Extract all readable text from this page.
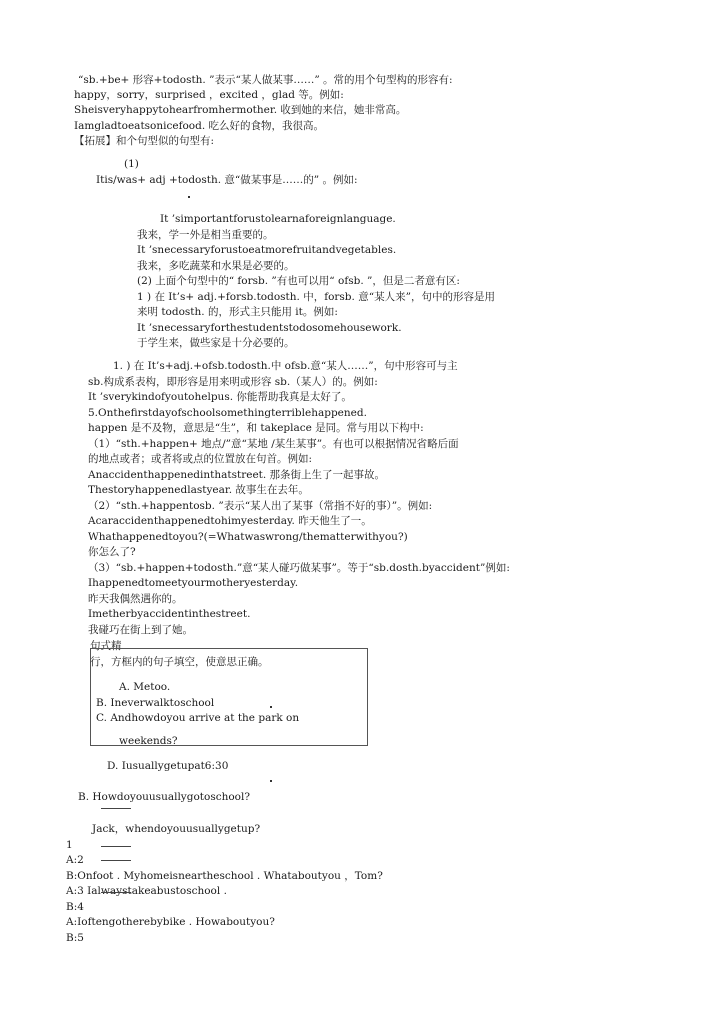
“sb.+be+ 形容+todosth. ”表示“某人做某事……” 。常的用个句型构的形容有:
happy，sorry，surprised ，excited ，glad 等。例如:
Sheisveryhappytohearfromhermother. 收到她的来信，她非常高。
Iamgladtoeatsonicefood. 吃么好的食物，我很高。
【拓展】和个句型似的句型有:
(1)
Itis/was+ adj +todosth. 意“做某事是……的” 。例如:
It ’simportantforustolearnaforeignlanguage.
我来，学一外是相当重要的。
It ’snecessaryforustoeatmorefruitandvegetables.
我来，多吃蔬菜和水果是必要的。
(2) 上面个句型中的“ forsb. ”有也可以用“ ofsb. ”，但是二者意有区:
1 ) 在 It’s+ adj.+forsb.todosth. 中，forsb. 意“某人来”，句中的形容是用
来明 todosth. 的，形式主只能用 it。例如:
It ’snecessaryforthestudentstodosomehousework.
于学生来，做些家是十分必要的。
1. ) 在 It’s+adj.+ofsb.todosth.中 ofsb.意“某人……”，句中形容可与主
sb.构成系表构，即形容是用来明或形容 sb.（某人）的。例如:
It ’sverykindofyoutohelpus. 你能帮助我真是太好了。
5.Onthefirstdayofschoolsomethingterriblehappened.
happen 是不及物，意思是“生”，和 takeplace 是同。常与用以下构中:
（1）“sth.+happen+ 地点/”意“某地 /某生某事”。有也可以根据情况省略后面
的地点或者；或者将或点的位置放在句首。例如:
Anaccidenthappenedinthatstreet. 那条街上生了一起事故。
Thestoryhappenedlastyear. 故事生在去年。
（2）“sth.+happentosb. ”表示“某人出了某事（常指不好的事）”。例如:
Acaraccidenthappenedtohimyesterday. 昨天他生了一。
Whathappenedtoyou?(=Whatwaswrong/thematterwithyou?)
你怎么了?
（3）“sb.+happen+todosth.”意“某人碰巧做某事”。等于“sb.dosth.byaccident”例如:
Ihappenedtomeetyourmotheryesterday.
昨天我偶然遇你的。
Imetherbyaccidentinthestreet.
我碰巧在街上到了她。
句式精
行，方框内的句子填空，使意思正确。
A. Metoo.
B. Ineverwalktoschool
C. Andhowdoyou arrive at the park on
weekends?
D. Iusuallygetupat6:30
B. Howdoyouusuallygotoschool?
Jack，whendoyouusuallygetup?
1
A:2
B:Onfoot . Myhomeisneartheschool . Whataboutyou ，Tom?
A:3 Ialwaystakeabustoschool .
B:4
A:Ioftengotherebybike . Howaboutyou?
B:5
